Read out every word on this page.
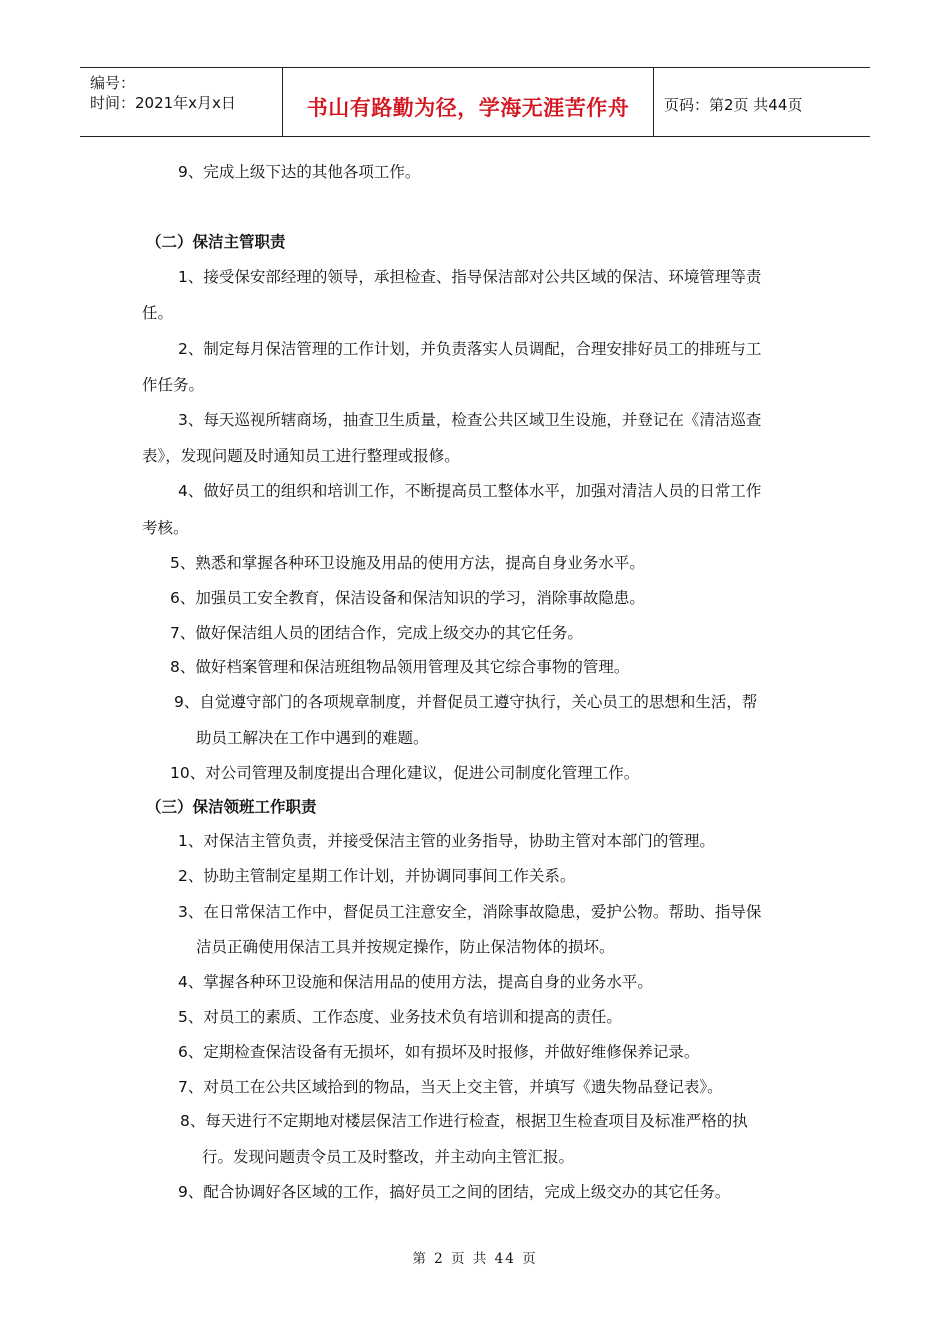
编号：
时间：2021年x月x日	书山有路勤为径，学海无涯苦作舟	页码：第2页 共44页
9、完成上级下达的其他各项工作。
（二）保洁主管职责
1、接受保安部经理的领导，承担检查、指导保洁部对公共区域的保洁、环境管理等责
任。
2、制定每月保洁管理的工作计划，并负责落实人员调配，合理安排好员工的排班与工
作任务。
3、每天巡视所辖商场，抽查卫生质量，检查公共区域卫生设施，并登记在《清洁巡查
表》，发现问题及时通知员工进行整理或报修。
4、做好员工的组织和培训工作，不断提高员工整体水平，加强对清洁人员的日常工作
考核。
5、熟悉和掌握各种环卫设施及用品的使用方法，提高自身业务水平。
6、加强员工安全教育，保洁设备和保洁知识的学习，消除事故隐患。
7、做好保洁组人员的团结合作，完成上级交办的其它任务。
8、做好档案管理和保洁班组物品领用管理及其它综合事物的管理。
9、自觉遵守部门的各项规章制度，并督促员工遵守执行，关心员工的思想和生活，帮
助员工解决在工作中遇到的难题。
10、对公司管理及制度提出合理化建议，促进公司制度化管理工作。
（三）保洁领班工作职责
1、对保洁主管负责，并接受保洁主管的业务指导，协助主管对本部门的管理。
2、协助主管制定星期工作计划，并协调同事间工作关系。
3、在日常保洁工作中，督促员工注意安全，消除事故隐患，爱护公物。帮助、指导保
洁员正确使用保洁工具并按规定操作，防止保洁物体的损坏。
4、掌握各种环卫设施和保洁用品的使用方法，提高自身的业务水平。
5、对员工的素质、工作态度、业务技术负有培训和提高的责任。
6、定期检查保洁设备有无损坏，如有损坏及时报修，并做好维修保养记录。
7、对员工在公共区域拾到的物品，当天上交主管，并填写《遗失物品登记表》。
8、每天进行不定期地对楼层保洁工作进行检查，根据卫生检查项目及标准严格的执
行。发现问题责令员工及时整改，并主动向主管汇报。
9、配合协调好各区域的工作，搞好员工之间的团结，完成上级交办的其它任务。
第 2 页 共 44 页
